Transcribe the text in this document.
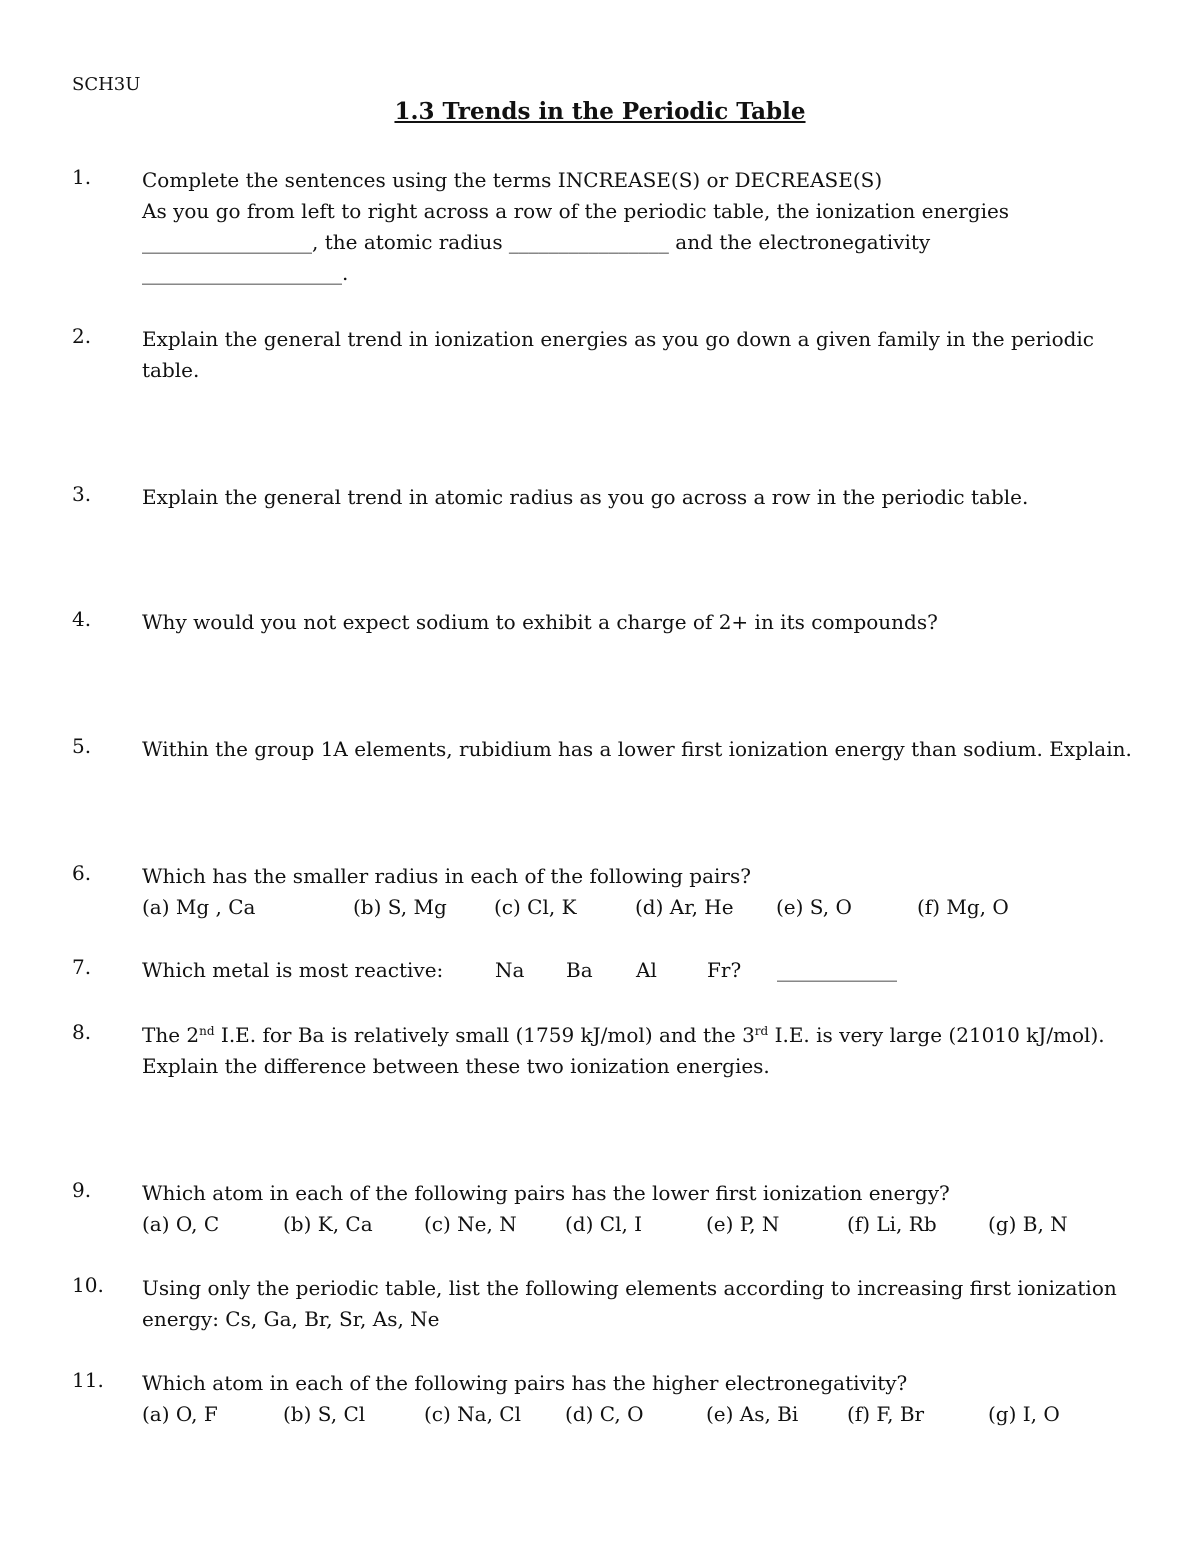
SCH3U
1.3 Trends in the Periodic Table
1.	Complete the sentences using the terms INCREASE(S) or DECREASE(S)
As you go from left to right across a row of the periodic table, the ionization energies
_________________, the atomic radius ________________ and the electronegativity
____________________.
2.	Explain the general trend in ionization energies as you go down a given family in the periodic
table.
3.	Explain the general trend in atomic radius as you go across a row in the periodic table.
4.	Why would you not expect sodium to exhibit a charge of 2+ in its compounds?
5.	Within the group 1A elements, rubidium has a lower first ionization energy than sodium. Explain.
6.	Which has the smaller radius in each of the following pairs?
(a) Mg , Ca	(b) S, Mg (c) Cl, K	(d) Ar, He (e) S, O	(f) Mg, O
7.	Which metal is most reactive:	Na Ba Al	Fr? ____________
8.	The 2nd I.E. for Ba is relatively small (1759 kJ/mol) and the 3rd I.E. is very large (21010 kJ/mol).
Explain the difference between these two ionization energies.
9.	Which atom in each of the following pairs has the lower first ionization energy?
(a) O, C	(b) K, Ca	(c) Ne, N (d) Cl, I	(e) P, N	(f) Li, Rb	(g) B, N
10. Using only the periodic table, list the following elements according to increasing first ionization
energy: Cs, Ga, Br, Sr, As, Ne
11. Which atom in each of the following pairs has the higher electronegativity?
(a) O, F	(b) S, Cl	(c) Na, Cl (d) C, O	(e) As, Bi (f) F, Br	(g) I, O
